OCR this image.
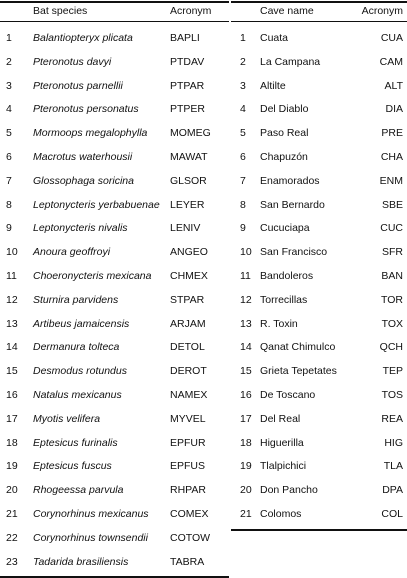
Bat species	Acronym
1 Balantiopteryx plicata	BAPLI
2 Pteronotus davyi	PTDAV
3 Pteronotus parnellii	PTPAR
4 Pteronotus personatus	PTPER
5 Mormoops megalophylla MOMEG
6 Macrotus waterhousii	MAWAT
7 Glossophaga soricina	GLSOR
8 Leptonycteris yerbabuenae LEYER
9 Leptonycteris nivalis	LENIV
10 Anoura geoffroyi	ANGEO
11 Choeronycteris mexicana CHMEX
12 Sturnira parvidens	STPAR
13 Artibeus jamaicensis	ARJAM
14 Dermanura tolteca	DETOL
15 Desmodus rotundus	DEROT
16 Natalus mexicanus	NAMEX
17 Myotis velifera	MYVEL
18 Eptesicus furinalis	EPFUR
19 Eptesicus fuscus	EPFUS
20 Rhogeessa parvula	RHPAR
21 Corynorhinus mexicanus COMEX
22 Corynorhinus townsendii COTOW
23 Tadarida brasiliensis	TABRA
Cave name	Acronym
1 Cuata	CUA
2 La Campana	CAM
3 Altilte	ALT
4 Del Diablo	DIA
5 Paso Real	PRE
6 Chapuzón	CHA
7 Enamorados	ENM
8 San Bernardo	SBE
9 Cucuciapa	CUC
10 San Francisco	SFR
11 Bandoleros	BAN
12 Torrecillas	TOR
13 R. Toxin	TOX
14 Qanat Chimulco	QCH
15 Grieta Tepetates	TEP
16 De Toscano	TOS
17 Del Real	REA
18 Higuerilla	HIG
19 Tlalpichici	TLA
20 Don Pancho	DPA
21 Colomos	COL
